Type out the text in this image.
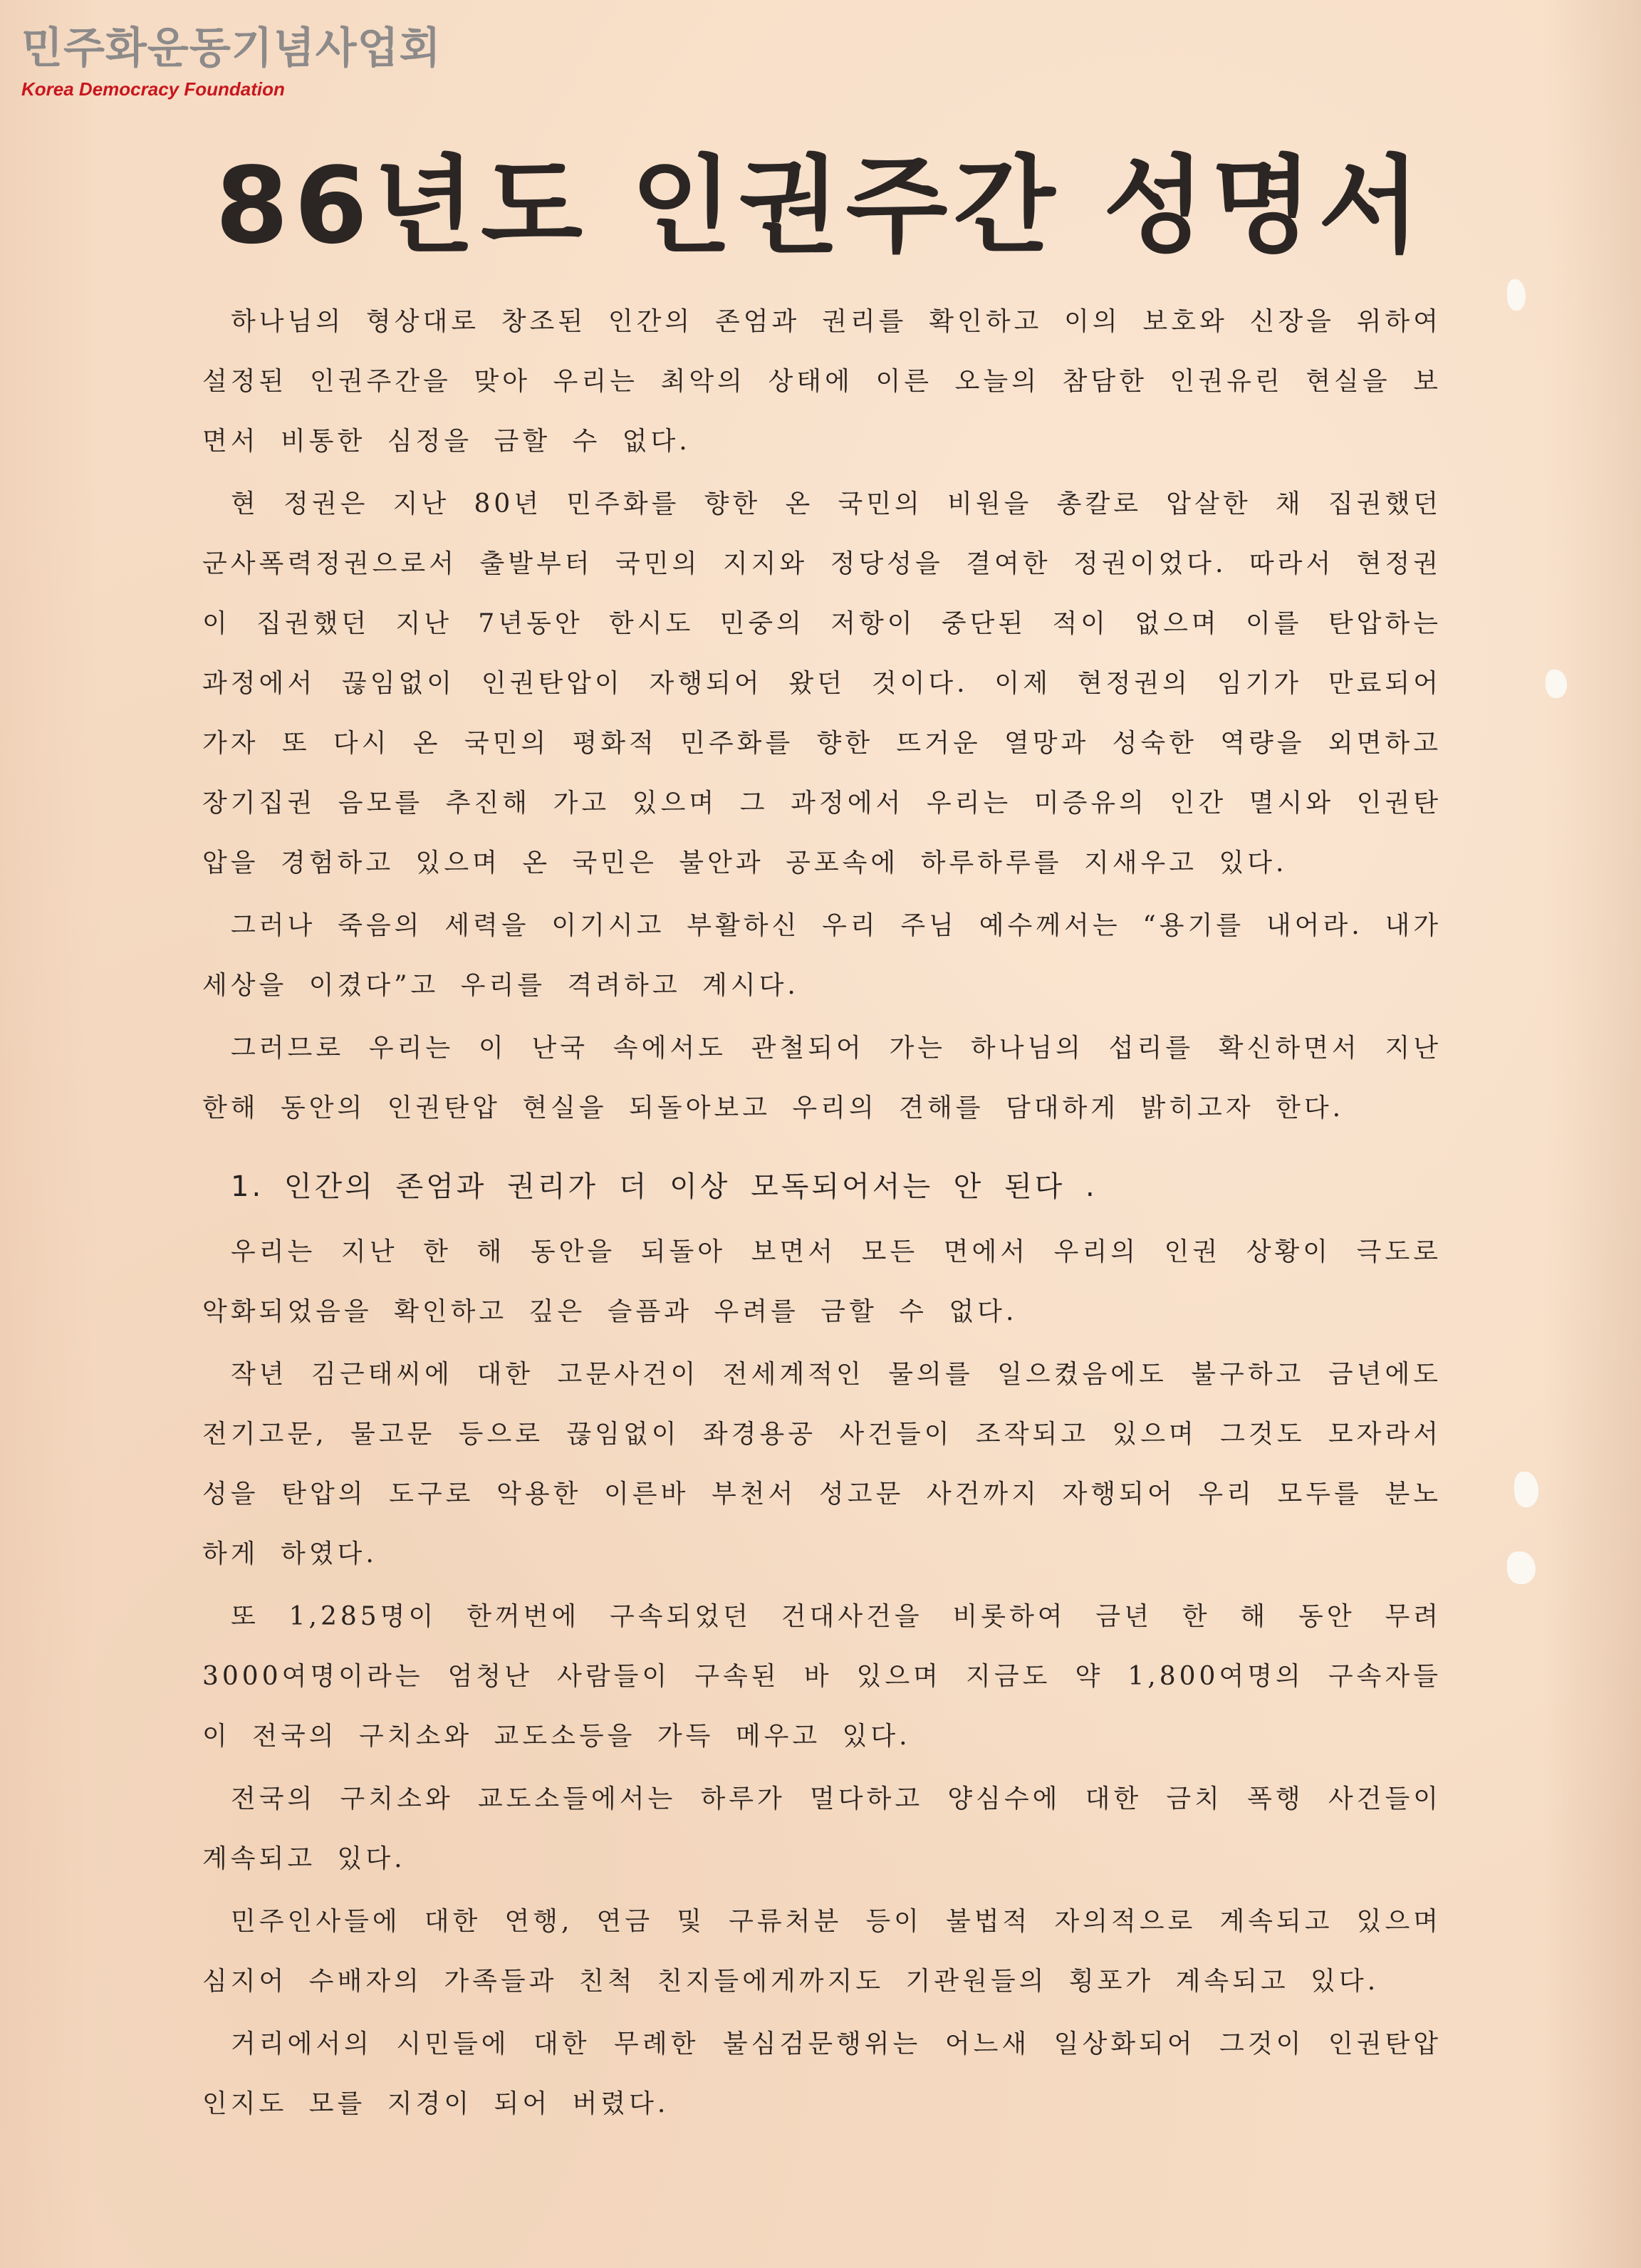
민주화운동기념사업회
Korea Democracy Foundation
86년도 인권주간 성명서

하나님의 형상대로 창조된 인간의 존엄과 권리를 확인하고 이의 보호와 신장을 위하여 설정된 인권주간을 맞아 우리는 최악의 상태에 이른 오늘의 참담한 인권유린 현실을 보면서 비통한 심정을 금할 수 없다.

현 정권은 지난 80년 민주화를 향한 온 국민의 비원을 총칼로 압살한 채 집권했던 군사폭력정권으로서 출발부터 국민의 지지와 정당성을 결여한 정권이었다. 따라서 현정권이 집권했던 지난 7년동안 한시도 민중의 저항이 중단된 적이 없으며 이를 탄압하는 과정에서 끊임없이 인권탄압이 자행되어 왔던 것이다. 이제 현정권의 임기가 만료되어 가자 또 다시 온 국민의 평화적 민주화를 향한 뜨거운 열망과 성숙한 역량을 외면하고 장기집권 음모를 추진해 가고 있으며 그 과정에서 우리는 미증유의 인간 멸시와 인권탄압을 경험하고 있으며 온 국민은 불안과 공포속에 하루하루를 지새우고 있다.

그러나 죽음의 세력을 이기시고 부활하신 우리 주님 예수께서는 “용기를 내어라. 내가 세상을 이겼다”고 우리를 격려하고 계시다.

그러므로 우리는 이 난국 속에서도 관철되어 가는 하나님의 섭리를 확신하면서 지난 한해 동안의 인권탄압 현실을 되돌아보고 우리의 견해를 담대하게 밝히고자 한다.

1. 인간의 존엄과 권리가 더 이상 모독되어서는 안 된다 .

우리는 지난 한 해 동안을 되돌아 보면서 모든 면에서 우리의 인권 상황이 극도로 악화되었음을 확인하고 깊은 슬픔과 우려를 금할 수 없다.

작년 김근태씨에 대한 고문사건이 전세계적인 물의를 일으켰음에도 불구하고 금년에도 전기고문, 물고문 등으로 끊임없이 좌경용공 사건들이 조작되고 있으며 그것도 모자라서 성을 탄압의 도구로 악용한 이른바 부천서 성고문 사건까지 자행되어 우리 모두를 분노하게 하였다.

또 1,285명이 한꺼번에 구속되었던 건대사건을 비롯하여 금년 한 해 동안 무려 3000여명이라는 엄청난 사람들이 구속된 바 있으며 지금도 약 1,800여명의 구속자들이 전국의 구치소와 교도소등을 가득 메우고 있다.

전국의 구치소와 교도소들에서는 하루가 멀다하고 양심수에 대한 금치 폭행 사건들이 계속되고 있다.

민주인사들에 대한 연행, 연금 및 구류처분 등이 불법적 자의적으로 계속되고 있으며 심지어 수배자의 가족들과 친척 친지들에게까지도 기관원들의 횡포가 계속되고 있다.

거리에서의 시민들에 대한 무례한 불심검문행위는 어느새 일상화되어 그것이 인권탄압인지도 모를 지경이 되어 버렸다.
